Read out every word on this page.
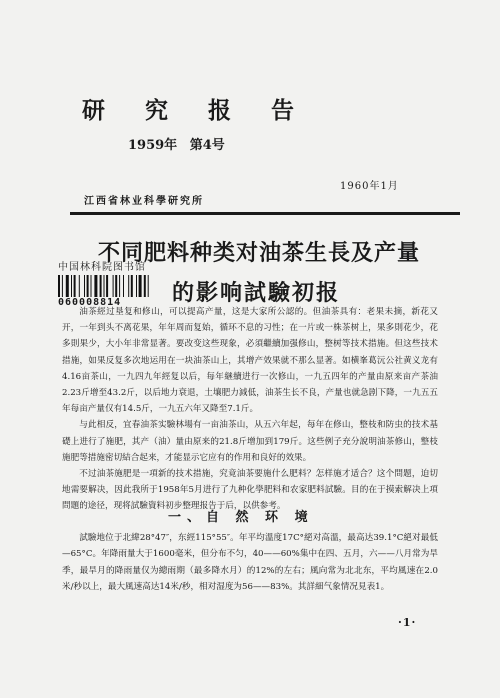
研 究 报 告
1959年 第4号
1960年1月
江西省林业科學研究所
不同肥料种类对油茶生長及产量
的影响試驗初报
中国林科院图书馆
060008814

油茶經过垦复和修山，可以提高产量，这是大家所公認的。但油茶具有：老果未摘，新花又开，一年到头不离花果，年年周而复始，循环不息的习性；在一片或一株茶树上，果多則花少，花多則果少，大小年非常显著。要改变这些现象，必須繼續加强修山，整树等技术措施。但这些技术措施，如果反复多次地运用在一块油茶山上，其增产效果就不那么显著。如横峯葛沅公社黄义龙有4.16亩茶山，一九四九年經复以后，每年継續进行一次修山，一九五四年的产量由原来亩产茶油2.23斤增至43.2斤，以后地力衰退，土壤肥力減低，油茶生长不良，产量也就急剧下降，一九五五年每亩产量仅有14.5斤，一九五六年又降至7.1斤。

与此相反，宜春油茶实驗林場有一亩油茶山，从五六年起，每年在修山，整枝和防虫的技术基礎上进行了施肥，其产（油）量由原来的21.8斤增加到179斤。这些例子充分說明油茶修山，整枝施肥等措施密切結合起来，才能显示它应有的作用和良好的效果。

不过油茶施肥是一項新的技术措施，究竟油茶要施什么肥料？怎样施才适合？这个問题，迫切地需要解决，因此我所于1958年5月进行了九种化學肥料和农家肥料試驗。目的在于摸索解决上項問題的途径，现将試驗資料初步整理报告于后，以供参考。

一、自 然 环 境

試驗地位于北緯28°47″，东經115°55″。年平均溫度17C°絕对高溫，最高达39.1°C絕对最低—65°C。年降雨量大于1600毫米，但分布不匀，40——60%集中在四、五月，六——八月常为旱季，最旱月的降雨量仅为總雨期（最多降水月）的12%的左右；風向常为北北东，平均風速在2.0米/秒以上，最大風速高达14米/秒，相对湿度为56——83%。其詳細气象情况見表1。

·1·
